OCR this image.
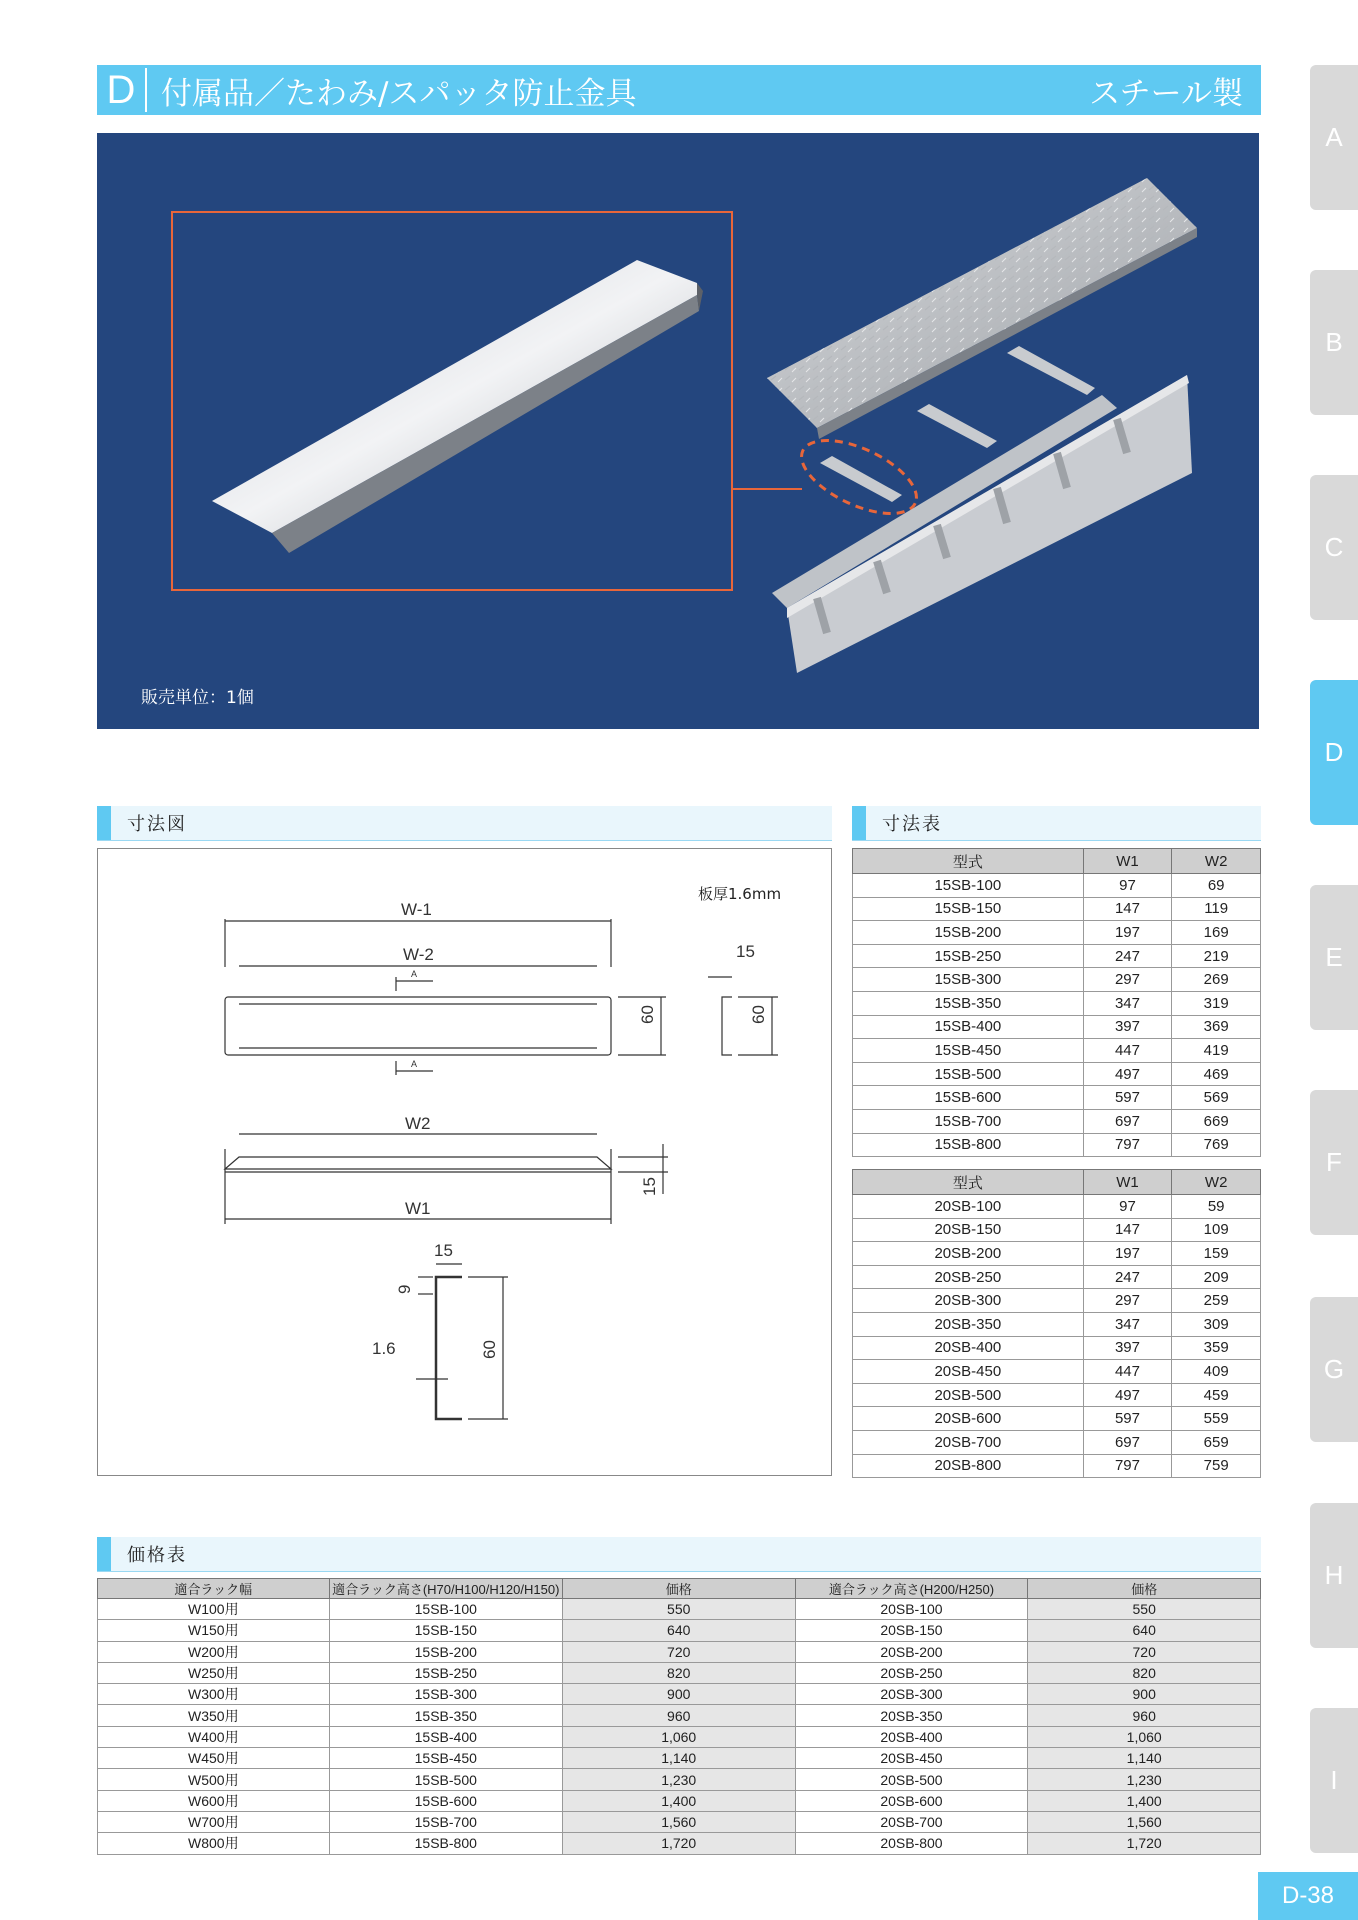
D 付属品／たわみ/スパッタ防止金具	スチール製
A
B
C
D
E
F
G
H
I
販売単位：1個
寸法図	寸法表
価格表
板厚1.6mm
W-1
W-2
A
A
60
15
60
W2
W1
15
15
9
1.6	60
型式	W1	W2
15SB-100	97	69
15SB-150	147	119
15SB-200	197	169
15SB-250	247	219
15SB-300	297	269
15SB-350	347	319
15SB-400	397	369
15SB-450	447	419
15SB-500	497	469
15SB-600	597	569
15SB-700	697	669
15SB-800	797	769
型式	W1	W2
20SB-100	97	59
20SB-150	147	109
20SB-200	197	159
20SB-250	247	209
20SB-300	297	259
20SB-350	347	309
20SB-400	397	359
20SB-450	447	409
20SB-500	497	459
20SB-600	597	559
20SB-700	697	659
20SB-800	797	759
適合ラック幅	適合ラック高さ(H70/H100/H120/H150)	価格	適合ラック高さ(H200/H250)	価格
W100用	15SB-100	550	20SB-100	550
W150用	15SB-150	640	20SB-150	640
W200用	15SB-200	720	20SB-200	720
W250用	15SB-250	820	20SB-250	820
W300用	15SB-300	900	20SB-300	900
W350用	15SB-350	960	20SB-350	960
W400用	15SB-400	1,060	20SB-400	1,060
W450用	15SB-450	1,140	20SB-450	1,140
W500用	15SB-500	1,230	20SB-500	1,230
W600用	15SB-600	1,400	20SB-600	1,400
W700用	15SB-700	1,560	20SB-700	1,560
W800用	15SB-800	1,720	20SB-800	1,720
D-38
